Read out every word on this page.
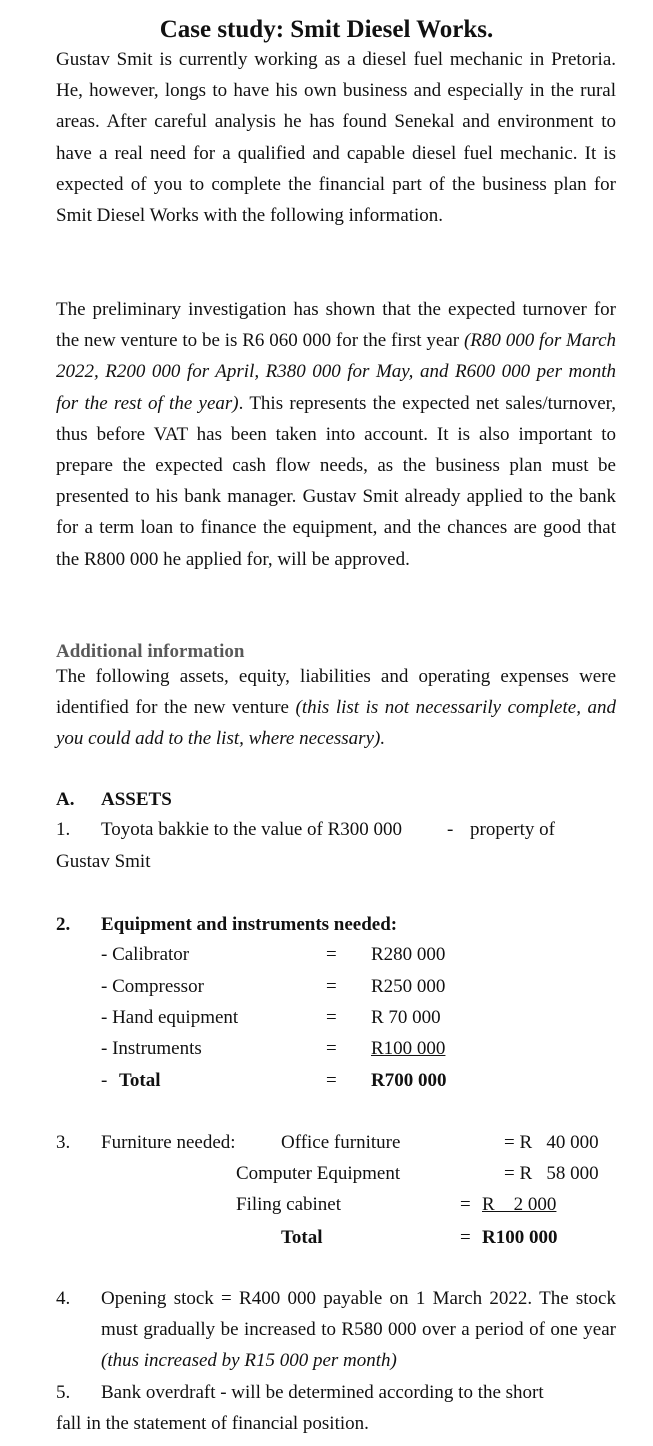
Case study: Smit Diesel Works.

Gustav Smit is currently working as a diesel fuel mechanic in Pretoria. He, however, longs to have his own business and especially in the rural areas. After careful analysis he has found Senekal and environment to have a real need for a qualified and capable diesel fuel mechanic. It is expected of you to complete the financial part of the business plan for Smit Diesel Works with the following information.

The preliminary investigation has shown that the expected turnover for the new venture to be is R6 060 000 for the first year (R80 000 for March 2022, R200 000 for April, R380 000 for May, and R600 000 per month for the rest of the year). This represents the expected net sales/turnover, thus before VAT has been taken into account. It is also important to prepare the expected cash flow needs, as the business plan must be presented to his bank manager. Gustav Smit already applied to the bank for a term loan to finance the equipment, and the chances are good that the R800 000 he applied for, will be approved.

Additional information

The following assets, equity, liabilities and operating expenses were identified for the new venture (this list is not necessarily complete, and you could add to the list, where necessary).

A. ASSETS
1. Toyota bakkie to the value of R300 000 - property of
Gustav Smit
2. Equipment and instruments needed:
- Calibrator	= R280 000
- Compressor	= R250 000
- Hand equipment	= R 70 000
- Instruments	= R100 000
- Total	= R700 000
3. Furniture needed: Office furniture	= R   40 000
Computer Equipment	= R   58 000
Filing cabinet	= R    2 000
Total	= R100 000
4. Opening stock = R400 000 payable on 1 March 2022. The stock must gradually be increased to R580 000 over a period of one year (thus increased by R15 000 per month)

5. Bank overdraft - will be determined according to the short
fall in the statement of financial position.
